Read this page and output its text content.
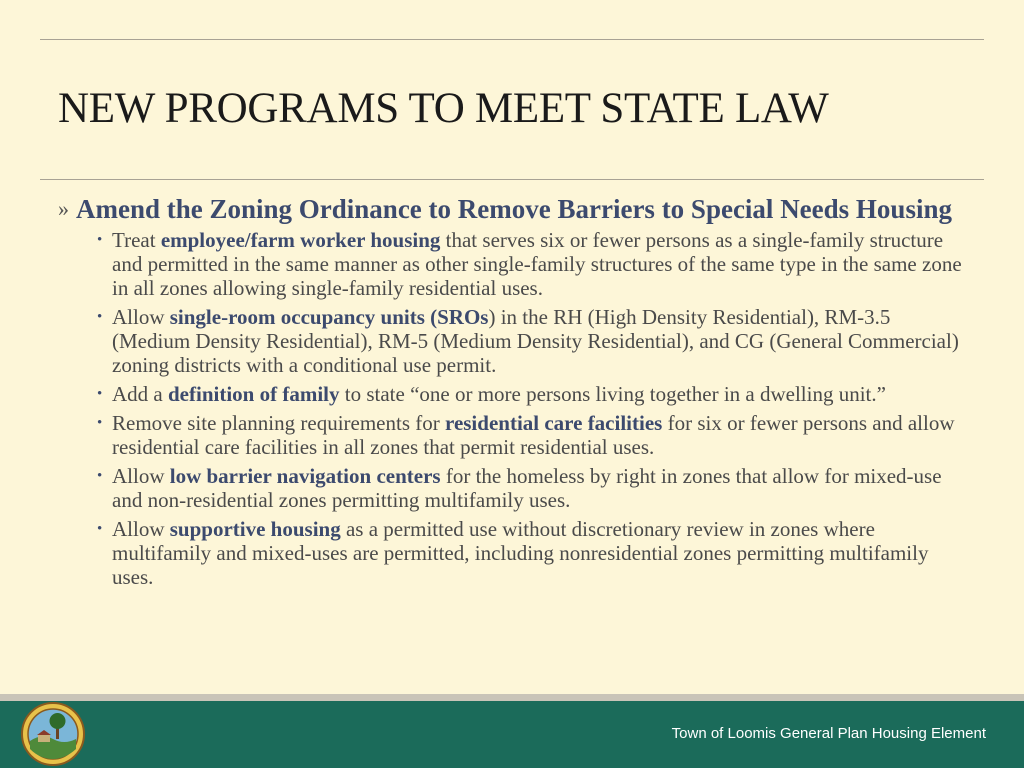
NEW PROGRAMS TO MEET STATE LAW
» Amend the Zoning Ordinance to Remove Barriers to Special Needs Housing
• Treat employee/farm worker housing that serves six or fewer persons as a single-family structure and permitted in the same manner as other single-family structures of the same type in the same zone in all zones allowing single-family residential uses.
• Allow single-room occupancy units (SROs) in the RH (High Density Residential), RM-3.5 (Medium Density Residential), RM-5 (Medium Density Residential), and CG (General Commercial) zoning districts with a conditional use permit.
• Add a definition of family to state “one or more persons living together in a dwelling unit.”
• Remove site planning requirements for residential care facilities for six or fewer persons and allow residential care facilities in all zones that permit residential uses.
• Allow low barrier navigation centers for the homeless by right in zones that allow for mixed-use and non-residential zones permitting multifamily uses.
• Allow supportive housing as a permitted use without discretionary review in zones where multifamily and mixed-uses are permitted, including nonresidential zones permitting multifamily uses.
Town of Loomis General Plan Housing Element
